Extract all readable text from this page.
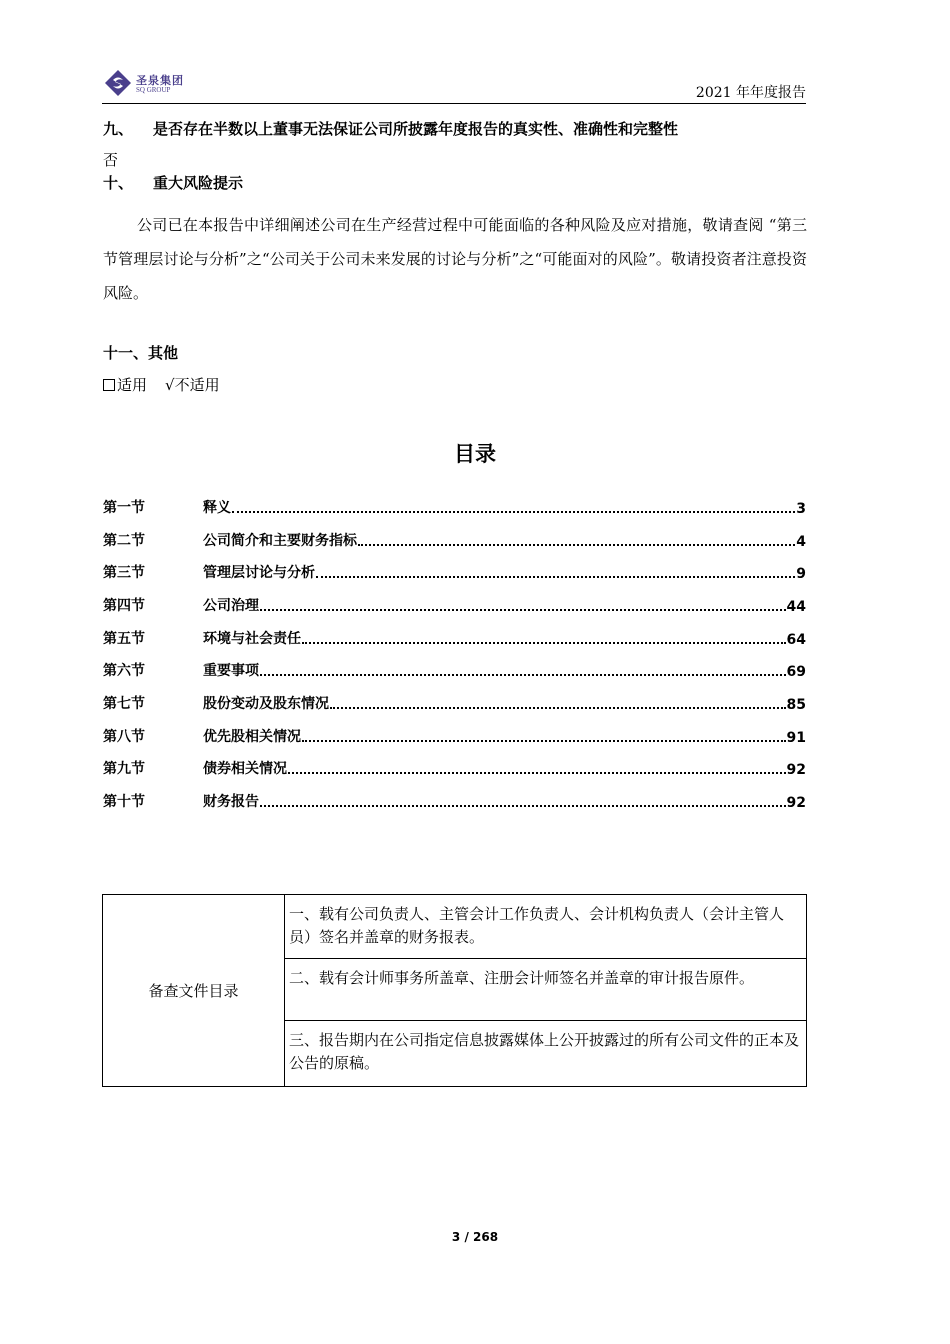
圣泉集团
SQ GROUP	2021 年年度报告
九、 是否存在半数以上董事无法保证公司所披露年度报告的真实性、准确性和完整性
否
十、 重大风险提示

公司已在本报告中详细阐述公司在生产经营过程中可能面临的各种风险及应对措施，敬请查阅 “第三节管理层讨论与分析”之“公司关于公司未来发展的讨论与分析”之“可能面对的风险”。敬请投资者注意投资风险。

十一、其他
适用 √不适用
目录
第一节	释义	3
第二节	公司简介和主要财务指标	4
第三节	管理层讨论与分析	9
第四节	公司治理	44
第五节	环境与社会责任	64
第六节	重要事项	69
第七节	股份变动及股东情况	85
第八节	优先股相关情况	91
第九节	债券相关情况	92
第十节	财务报告	92
备查文件目录	一、载有公司负责人、主管会计工作负责人、会计机构负责人（会计主管人员）签名并盖章的财务报表。
二、载有会计师事务所盖章、注册会计师签名并盖章的审计报告原件。
三、报告期内在公司指定信息披露媒体上公开披露过的所有公司文件的正本及公告的原稿。
3 / 268
